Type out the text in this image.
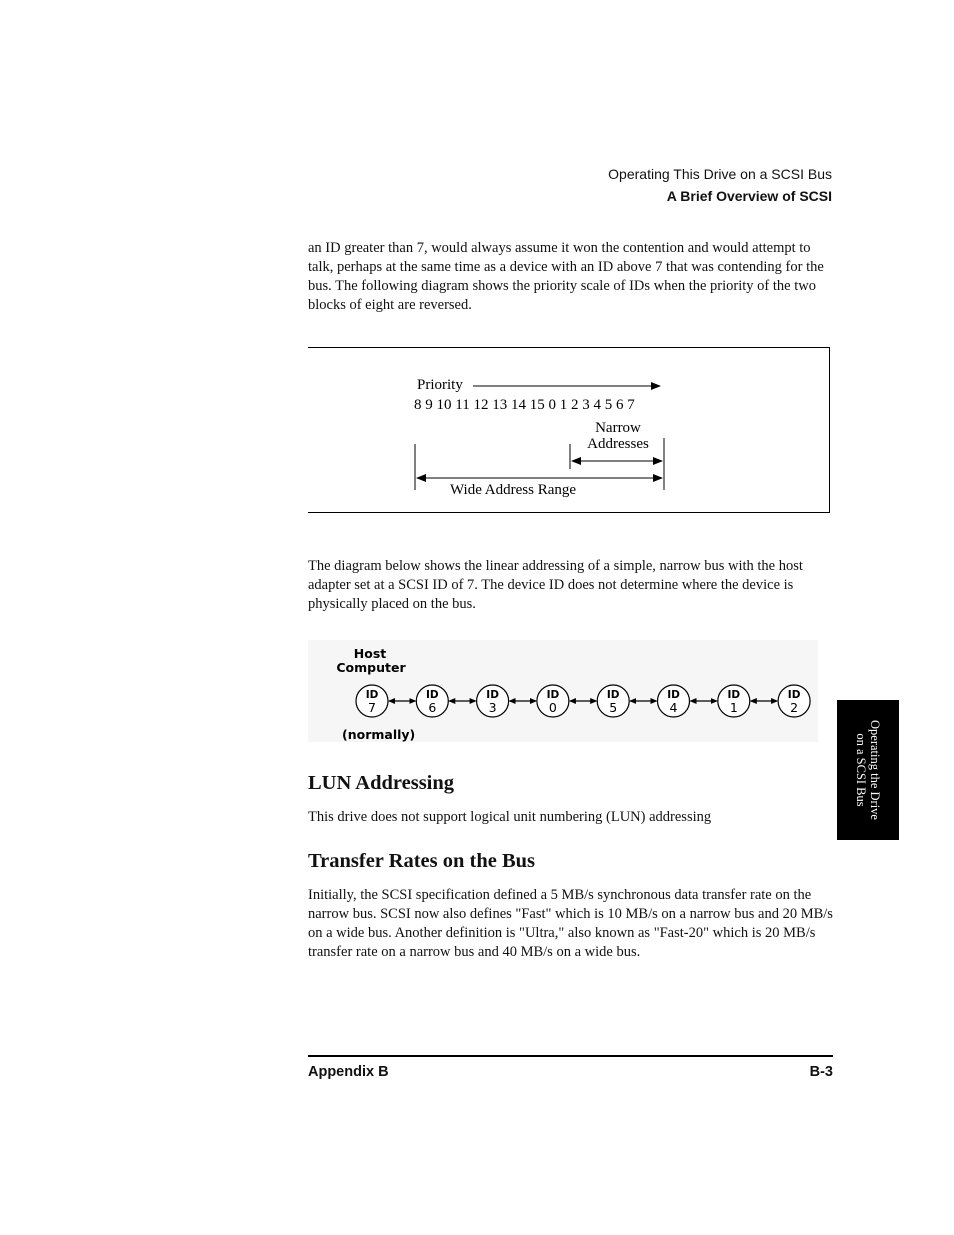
Operating This Drive on a SCSI Bus
A Brief Overview of SCSI

an ID greater than 7, would always assume it won the contention and would attempt to talk, perhaps at the same time as a device with an ID above 7 that was contending for the bus. The following diagram shows the priority scale of IDs when the priority of the two blocks of eight are reversed.

Priority
8 9 10 11 12 13 14 15 0 1 2 3 4 5 6 7
Narrow
Addresses
Wide Address Range

The diagram below shows the linear addressing of a simple, narrow bus with the host adapter set at a SCSI ID of 7. The device ID does not determine where the device is physically placed on the bus.

Host
Computer
(normally)
ID
7
ID
6
ID
3
ID
0
ID
5
ID
4
ID
1
ID
2
LUN Addressing

This drive does not support logical unit numbering (LUN) addressing

Transfer Rates on the Bus

Initially, the SCSI specification defined a 5 MB/s synchronous data transfer rate on the narrow bus. SCSI now also defines "Fast" which is 10 MB/s on a narrow bus and 20 MB/s on a wide bus. Another definition is "Ultra," also known as "Fast-20" which is 20 MB/s transfer rate on a narrow bus and 40 MB/s on a wide bus.

Operating the Drive
on a SCSI Bus
Appendix B	B-3
